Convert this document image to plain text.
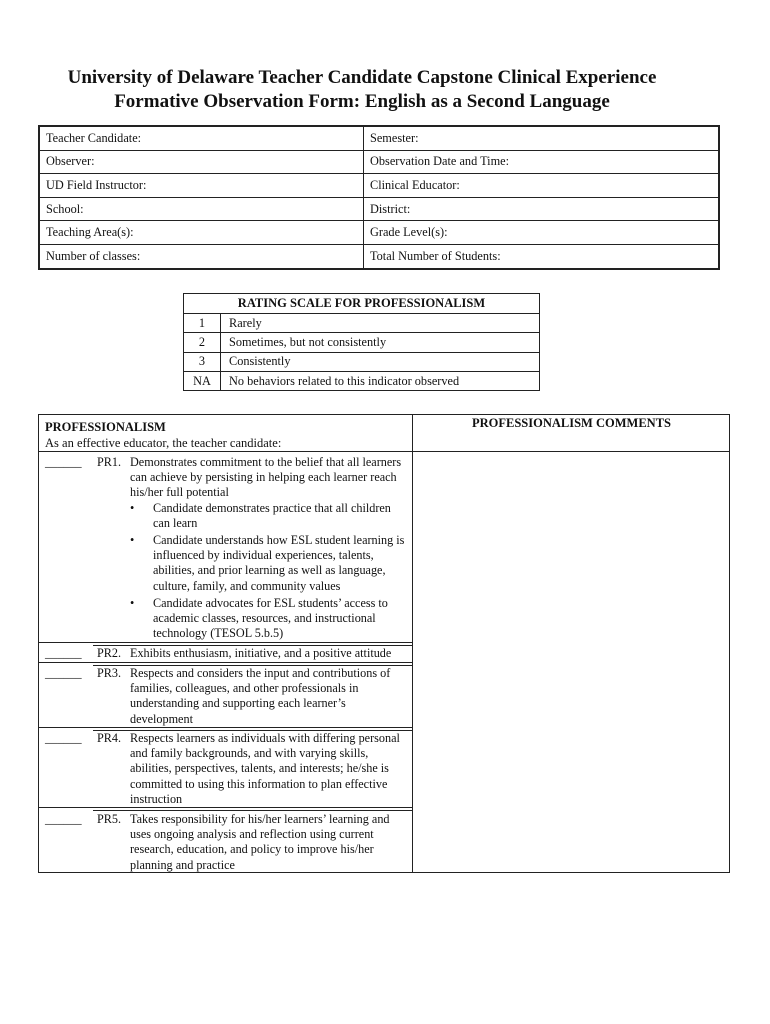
University of Delaware Teacher Candidate Capstone Clinical Experience
Formative Observation Form: English as a Second Language
Teacher Candidate:	Semester:
Observer:	Observation Date and Time:
UD Field Instructor:	Clinical Educator:
School:	District:
Teaching Area(s):	Grade Level(s):
Number of classes:	Total Number of Students:
RATING SCALE FOR PROFESSIONALISM	
1	Rarely
2	Sometimes, but not consistently
3	Consistently
NA	No behaviors related to this indicator observed
PROFESSIONALISM
As an effective educator, the teacher candidate:
PROFESSIONALISM COMMENTS
______ PR1. Demonstrates commitment to the belief that all learners can achieve by persisting in helping each learner reach his/her full potential
• Candidate demonstrates practice that all children can learn
• Candidate understands how ESL student learning is influenced by individual experiences, talents, abilities, and prior learning as well as language, culture, family, and community values
• Candidate advocates for ESL students’ access to academic classes, resources, and instructional technology (TESOL 5.b.5)
______ PR2. Exhibits enthusiasm, initiative, and a positive attitude
______ PR3. Respects and considers the input and contributions of families, colleagues, and other professionals in understanding and supporting each learner’s development
______ PR4. Respects learners as individuals with differing personal and family backgrounds, and with varying skills, abilities, perspectives, talents, and interests; he/she is committed to using this information to plan effective instruction
______ PR5. Takes responsibility for his/her learners’ learning and uses ongoing analysis and reflection using current research, education, and policy to improve his/her planning and practice
